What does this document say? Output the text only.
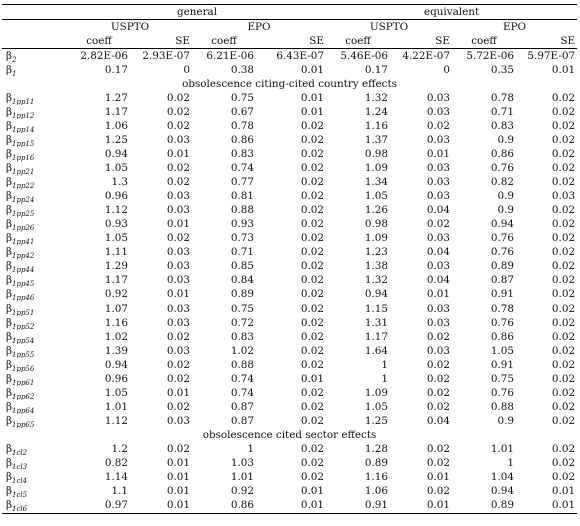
	general				equivalent			
	USPTO		EPO		USPTO		EPO	
	coeff	SE	coeff	SE	coeff	SE	coeff	SE
$\beta_2$	2.82E-06	2.93E-07	6.21E-06	6.43E-07	5.46E-06	4.22E-07	5.72E-06	5.97E-07
$\beta_1$	0.17	0	0.38	0.01	0.17	0	0.35	0.01
obsolescence citing-cited country effects								
$\beta_{1pp11}$	1.27	0.02	0.75	0.01	1.32	0.03	0.78	0.02
$\beta_{1pp12}$	1.17	0.02	0.67	0.01	1.24	0.03	0.71	0.02
$\beta_{1pp14}$	1.06	0.02	0.78	0.02	1.16	0.02	0.83	0.02
$\beta_{1pp15}$	1.25	0.03	0.86	0.02	1.37	0.03	0.9	0.02
$\beta_{1pp16}$	0.94	0.01	0.83	0.02	0.98	0.01	0.86	0.02
$\beta_{1pp21}$	1.05	0.02	0.74	0.02	1.09	0.03	0.76	0.02
$\beta_{1pp22}$	1.3	0.02	0.77	0.02	1.34	0.03	0.82	0.02
$\beta_{1pp24}$	0.96	0.03	0.81	0.02	1.05	0.03	0.9	0.03
$\beta_{1pp25}$	1.12	0.03	0.88	0.02	1.26	0.04	0.9	0.02
$\beta_{1pp26}$	0.93	0.01	0.93	0.02	0.98	0.02	0.94	0.02
$\beta_{1pp41}$	1.05	0.02	0.73	0.02	1.09	0.03	0.76	0.02
$\beta_{1pp42}$	1.11	0.03	0.71	0.02	1.23	0.04	0.76	0.02
$\beta_{1pp44}$	1.29	0.03	0.85	0.02	1.38	0.03	0.89	0.02
$\beta_{1pp45}$	1.17	0.03	0.84	0.02	1.32	0.04	0.87	0.02
$\beta_{1pp46}$	0.92	0.01	0.89	0.02	0.94	0.01	0.91	0.02
$\beta_{1pp51}$	1.07	0.03	0.75	0.02	1.15	0.03	0.78	0.02
$\beta_{1pp52}$	1.16	0.03	0.72	0.02	1.31	0.03	0.76	0.02
$\beta_{1pp54}$	1.02	0.02	0.83	0.02	1.17	0.02	0.86	0.02
$\beta_{1pp55}$	1.39	0.03	1.02	0.02	1.64	0.03	1.05	0.02
$\beta_{1pp56}$	0.94	0.02	0.88	0.02	1	0.02	0.91	0.02
$\beta_{1pp61}$	0.96	0.02	0.74	0.01	1	0.02	0.75	0.02
$\beta_{1pp62}$	1.05	0.01	0.74	0.02	1.09	0.02	0.76	0.02
$\beta_{1pp64}$	1.01	0.02	0.87	0.02	1.05	0.02	0.88	0.02
$\beta_{1pp65}$	1.12	0.03	0.87	0.02	1.25	0.04	0.9	0.02
obsolescence cited sector effects								
$\beta_{1cl2}$	1.2	0.02	1	0.02	1.28	0.02	1.01	0.02
$\beta_{1cl3}$	0.82	0.01	1.03	0.02	0.89	0.02	1	0.02
$\beta_{1cl4}$	1.14	0.01	1.01	0.02	1.16	0.01	1.04	0.02
$\beta_{1cl5}$	1.1	0.01	0.92	0.01	1.06	0.02	0.94	0.01
$\beta_{1cl6}$	0.97	0.01	0.86	0.01	0.91	0.01	0.89	0.01
